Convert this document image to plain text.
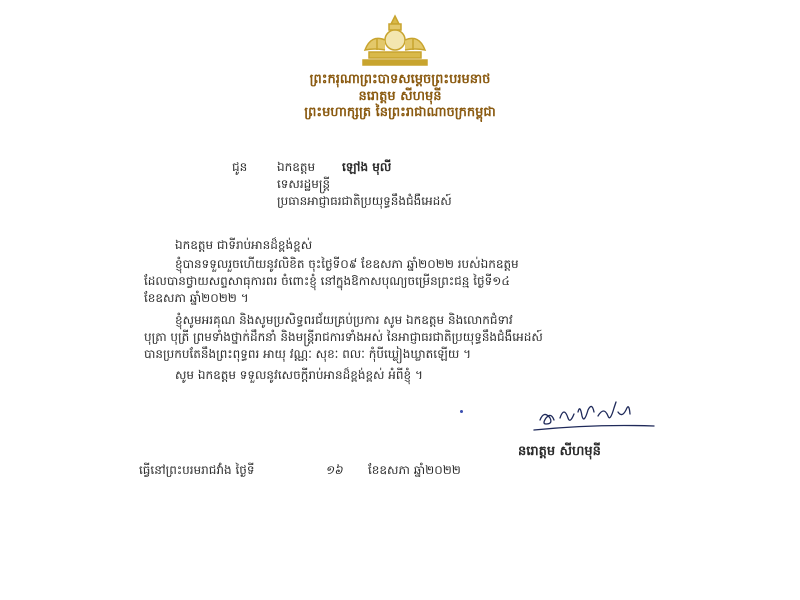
ព្រះករុណាព្រះបាទសម្តេចព្រះបរមនាថ
នរោត្តម សីហមុនី
ព្រះមហាក្សត្រ នៃព្រះរាជាណាចក្រកម្ពុជា
ជូន ឯកឧត្តម ឡៅង មុលី
ទេសរដ្ឋមន្ត្រី
ប្រធានអាជ្ញាធរជាតិប្រយុទ្ធនឹងជំងឺអេដស៍
ឯកឧត្តម ជាទីរាប់អានដ៏ខ្ពង់ខ្ពស់
ខ្ញុំបានទទួលរួចហើយនូវលិខិត ចុះថ្ងៃទី០៩ ខែឧសភា ឆ្នាំ២០២២ របស់ឯកឧត្តម
ដែលបានថ្វាយសព្ទសាធុការពរ ចំពោះខ្ញុំ នៅក្នុងឱកាសបុណ្យចម្រើនព្រះជន្ម ថ្ងៃទី១៤
ខែឧសភា ឆ្នាំ២០២២ ។
ខ្ញុំសូមអរគុណ និងសូមប្រសិទ្ធពរជ័យគ្រប់ប្រការ សូម ឯកឧត្តម និងលោកជំទាវ
បុត្រា បុត្រី ព្រមទាំងថ្នាក់ដឹកនាំ និងមន្ត្រីរាជការទាំងអស់ នៃអាជ្ញាធរជាតិប្រយុទ្ធនឹងជំងឺអេដស៍
បានប្រកបតែនឹងព្រះពុទ្ធពរ អាយុ វណ្ណៈ សុខៈ ពលៈ កុំបីឃ្លៀងឃ្លាតឡើយ ។
សូម ឯកឧត្តម ទទួលនូវសេចក្តីរាប់អានដ៏ខ្ពង់ខ្ពស់ អំពីខ្ញុំ ។
នរោត្តម សីហមុនី
ធ្វើនៅព្រះបរមរាជវាំង ថ្ងៃទី	១៦ ខែឧសភា ឆ្នាំ២០២២
